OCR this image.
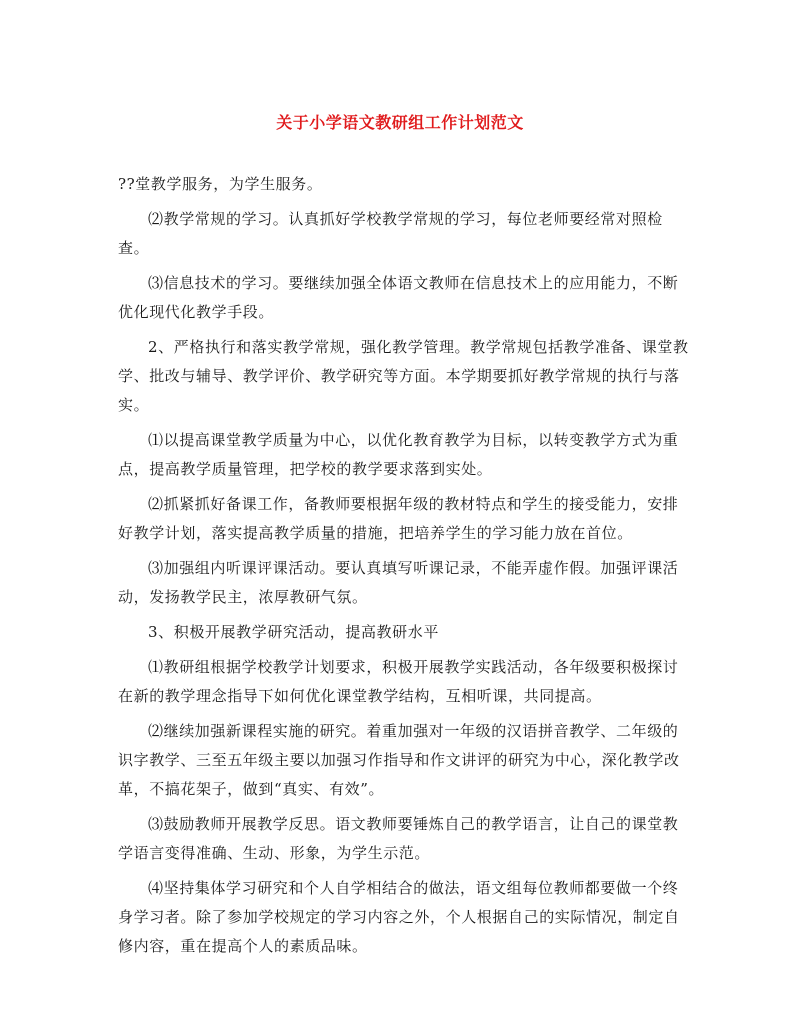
关于小学语文教研组工作计划范文

??堂教学服务，为学生服务。

⑵教学常规的学习。认真抓好学校教学常规的学习，每位老师要经常对照检查。

⑶信息技术的学习。要继续加强全体语文教师在信息技术上的应用能力，不断优化现代化教学手段。

2、严格执行和落实教学常规，强化教学管理。教学常规包括教学准备、课堂教学、批改与辅导、教学评价、教学研究等方面。本学期要抓好教学常规的执行与落实。

⑴以提高课堂教学质量为中心，以优化教育教学为目标，以转变教学方式为重点，提高教学质量管理，把学校的教学要求落到实处。

⑵抓紧抓好备课工作，备教师要根据年级的教材特点和学生的接受能力，安排好教学计划，落实提高教学质量的措施，把培养学生的学习能力放在首位。

⑶加强组内听课评课活动。要认真填写听课记录，不能弄虚作假。加强评课活动，发扬教学民主，浓厚教研气氛。

3、积极开展教学研究活动，提高教研水平

⑴教研组根据学校教学计划要求，积极开展教学实践活动，各年级要积极探讨在新的教学理念指导下如何优化课堂教学结构，互相听课，共同提高。

⑵继续加强新课程实施的研究。着重加强对一年级的汉语拼音教学、二年级的识字教学、三至五年级主要以加强习作指导和作文讲评的研究为中心，深化教学改革，不搞花架子，做到“真实、有效”。

⑶鼓励教师开展教学反思。语文教师要锤炼自己的教学语言，让自己的课堂教学语言变得准确、生动、形象，为学生示范。

⑷坚持集体学习研究和个人自学相结合的做法，语文组每位教师都要做一个终身学习者。除了参加学校规定的学习内容之外，个人根据自己的实际情况，制定自修内容，重在提高个人的素质品味。
